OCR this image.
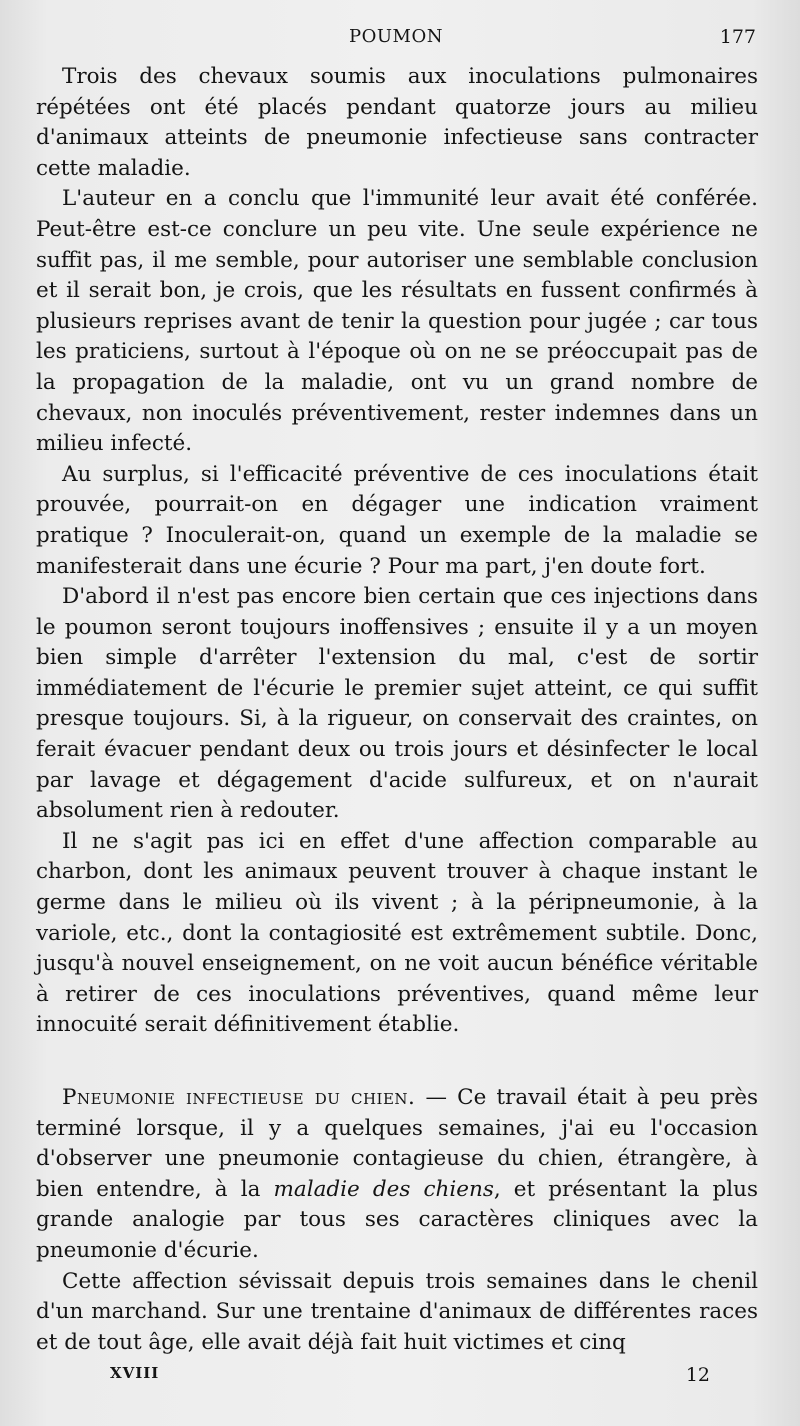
POUMON	177

Trois des chevaux soumis aux inoculations pulmonaires répétées ont été placés pendant quatorze jours au milieu d'animaux atteints de pneumonie infectieuse sans contracter cette maladie.

L'auteur en a conclu que l'immunité leur avait été conférée. Peut-être est-ce conclure un peu vite. Une seule expérience ne suffit pas, il me semble, pour autoriser une semblable conclusion et il serait bon, je crois, que les résultats en fussent confirmés à plusieurs reprises avant de tenir la question pour jugée ; car tous les praticiens, surtout à l'époque où on ne se préoccupait pas de la propagation de la maladie, ont vu un grand nombre de chevaux, non inoculés préventivement, rester indemnes dans un milieu infecté.

Au surplus, si l'efficacité préventive de ces inoculations était prouvée, pourrait-on en dégager une indication vraiment pratique ? Inoculerait-on, quand un exemple de la maladie se manifesterait dans une écurie ? Pour ma part, j'en doute fort.

D'abord il n'est pas encore bien certain que ces injections dans le poumon seront toujours inoffensives ; ensuite il y a un moyen bien simple d'arrêter l'extension du mal, c'est de sortir immédiatement de l'écurie le premier sujet atteint, ce qui suffit presque toujours. Si, à la rigueur, on conservait des craintes, on ferait évacuer pendant deux ou trois jours et désinfecter le local par lavage et dégagement d'acide sulfureux, et on n'aurait absolument rien à redouter.

Il ne s'agit pas ici en effet d'une affection comparable au charbon, dont les animaux peuvent trouver à chaque instant le germe dans le milieu où ils vivent ; à la péripneumonie, à la variole, etc., dont la contagiosité est extrêmement subtile. Donc, jusqu'à nouvel enseignement, on ne voit aucun bénéfice véritable à retirer de ces inoculations préventives, quand même leur innocuité serait définitivement établie.

Pneumonie infectieuse du chien. — Ce travail était à peu près terminé lorsque, il y a quelques semaines, j'ai eu l'occasion d'observer une pneumonie contagieuse du chien, étrangère, à bien entendre, à la maladie des chiens, et présentant la plus grande analogie par tous ses caractères cliniques avec la pneumonie d'écurie.

Cette affection sévissait depuis trois semaines dans le chenil d'un marchand. Sur une trentaine d'animaux de différentes races et de tout âge, elle avait déjà fait huit victimes et cinq

XVIII	12
